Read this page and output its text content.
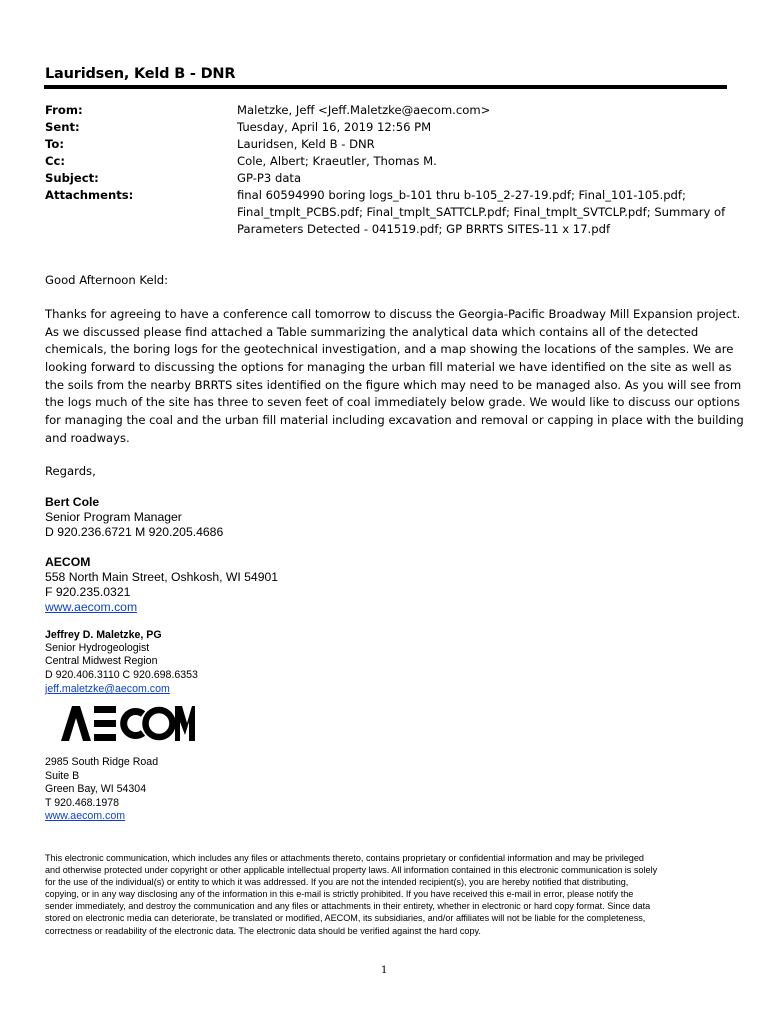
Lauridsen, Keld B - DNR
From:
Sent:
To:
Cc:
Subject:
Attachments:
Maletzke, Jeff <Jeff.Maletzke@aecom.com>
Tuesday, April 16, 2019 12:56 PM
Lauridsen, Keld B - DNR
Cole, Albert; Kraeutler, Thomas M.
GP-P3 data
final 60594990 boring logs_b-101 thru b-105_2-27-19.pdf; Final_101-105.pdf;
Final_tmplt_PCBS.pdf; Final_tmplt_SATTCLP.pdf; Final_tmplt_SVTCLP.pdf; Summary of
Parameters Detected - 041519.pdf; GP BRRTS SITES-11 x 17.pdf
Good Afternoon Keld:
Thanks for agreeing to have a conference call tomorrow to discuss the Georgia-Pacific Broadway Mill Expansion project.
As we discussed please find attached a Table summarizing the analytical data which contains all of the detected
chemicals, the boring logs for the geotechnical investigation, and a map showing the locations of the samples. We are
looking forward to discussing the options for managing the urban fill material we have identified on the site as well as
the soils from the nearby BRRTS sites identified on the figure which may need to be managed also. As you will see from
the logs much of the site has three to seven feet of coal immediately below grade. We would like to discuss our options
for managing the coal and the urban fill material including excavation and removal or capping in place with the building
and roadways.
Regards,
Bert Cole
Senior Program Manager
D 920.236.6721 M 920.205.4686
AECOM
558 North Main Street, Oshkosh, WI 54901
F 920.235.0321
www.aecom.com
Jeffrey D. Maletzke, PG
Senior Hydrogeologist
Central Midwest Region
D 920.406.3110 C 920.698.6353
jeff.maletzke@aecom.com
2985 South Ridge Road
Suite B
Green Bay, WI 54304
T 920.468.1978
www.aecom.com
This electronic communication, which includes any files or attachments thereto, contains proprietary or confidential information and may be privileged
and otherwise protected under copyright or other applicable intellectual property laws. All information contained in this electronic communication is solely
for the use of the individual(s) or entity to which it was addressed. If you are not the intended recipient(s), you are hereby notified that distributing,
copying, or in any way disclosing any of the information in this e-mail is strictly prohibited. If you have received this e-mail in error, please notify the
sender immediately, and destroy the communication and any files or attachments in their entirety, whether in electronic or hard copy format. Since data
stored on electronic media can deteriorate, be translated or modified, AECOM, its subsidiaries, and/or affiliates will not be liable for the completeness,
correctness or readability of the electronic data. The electronic data should be verified against the hard copy.
1
